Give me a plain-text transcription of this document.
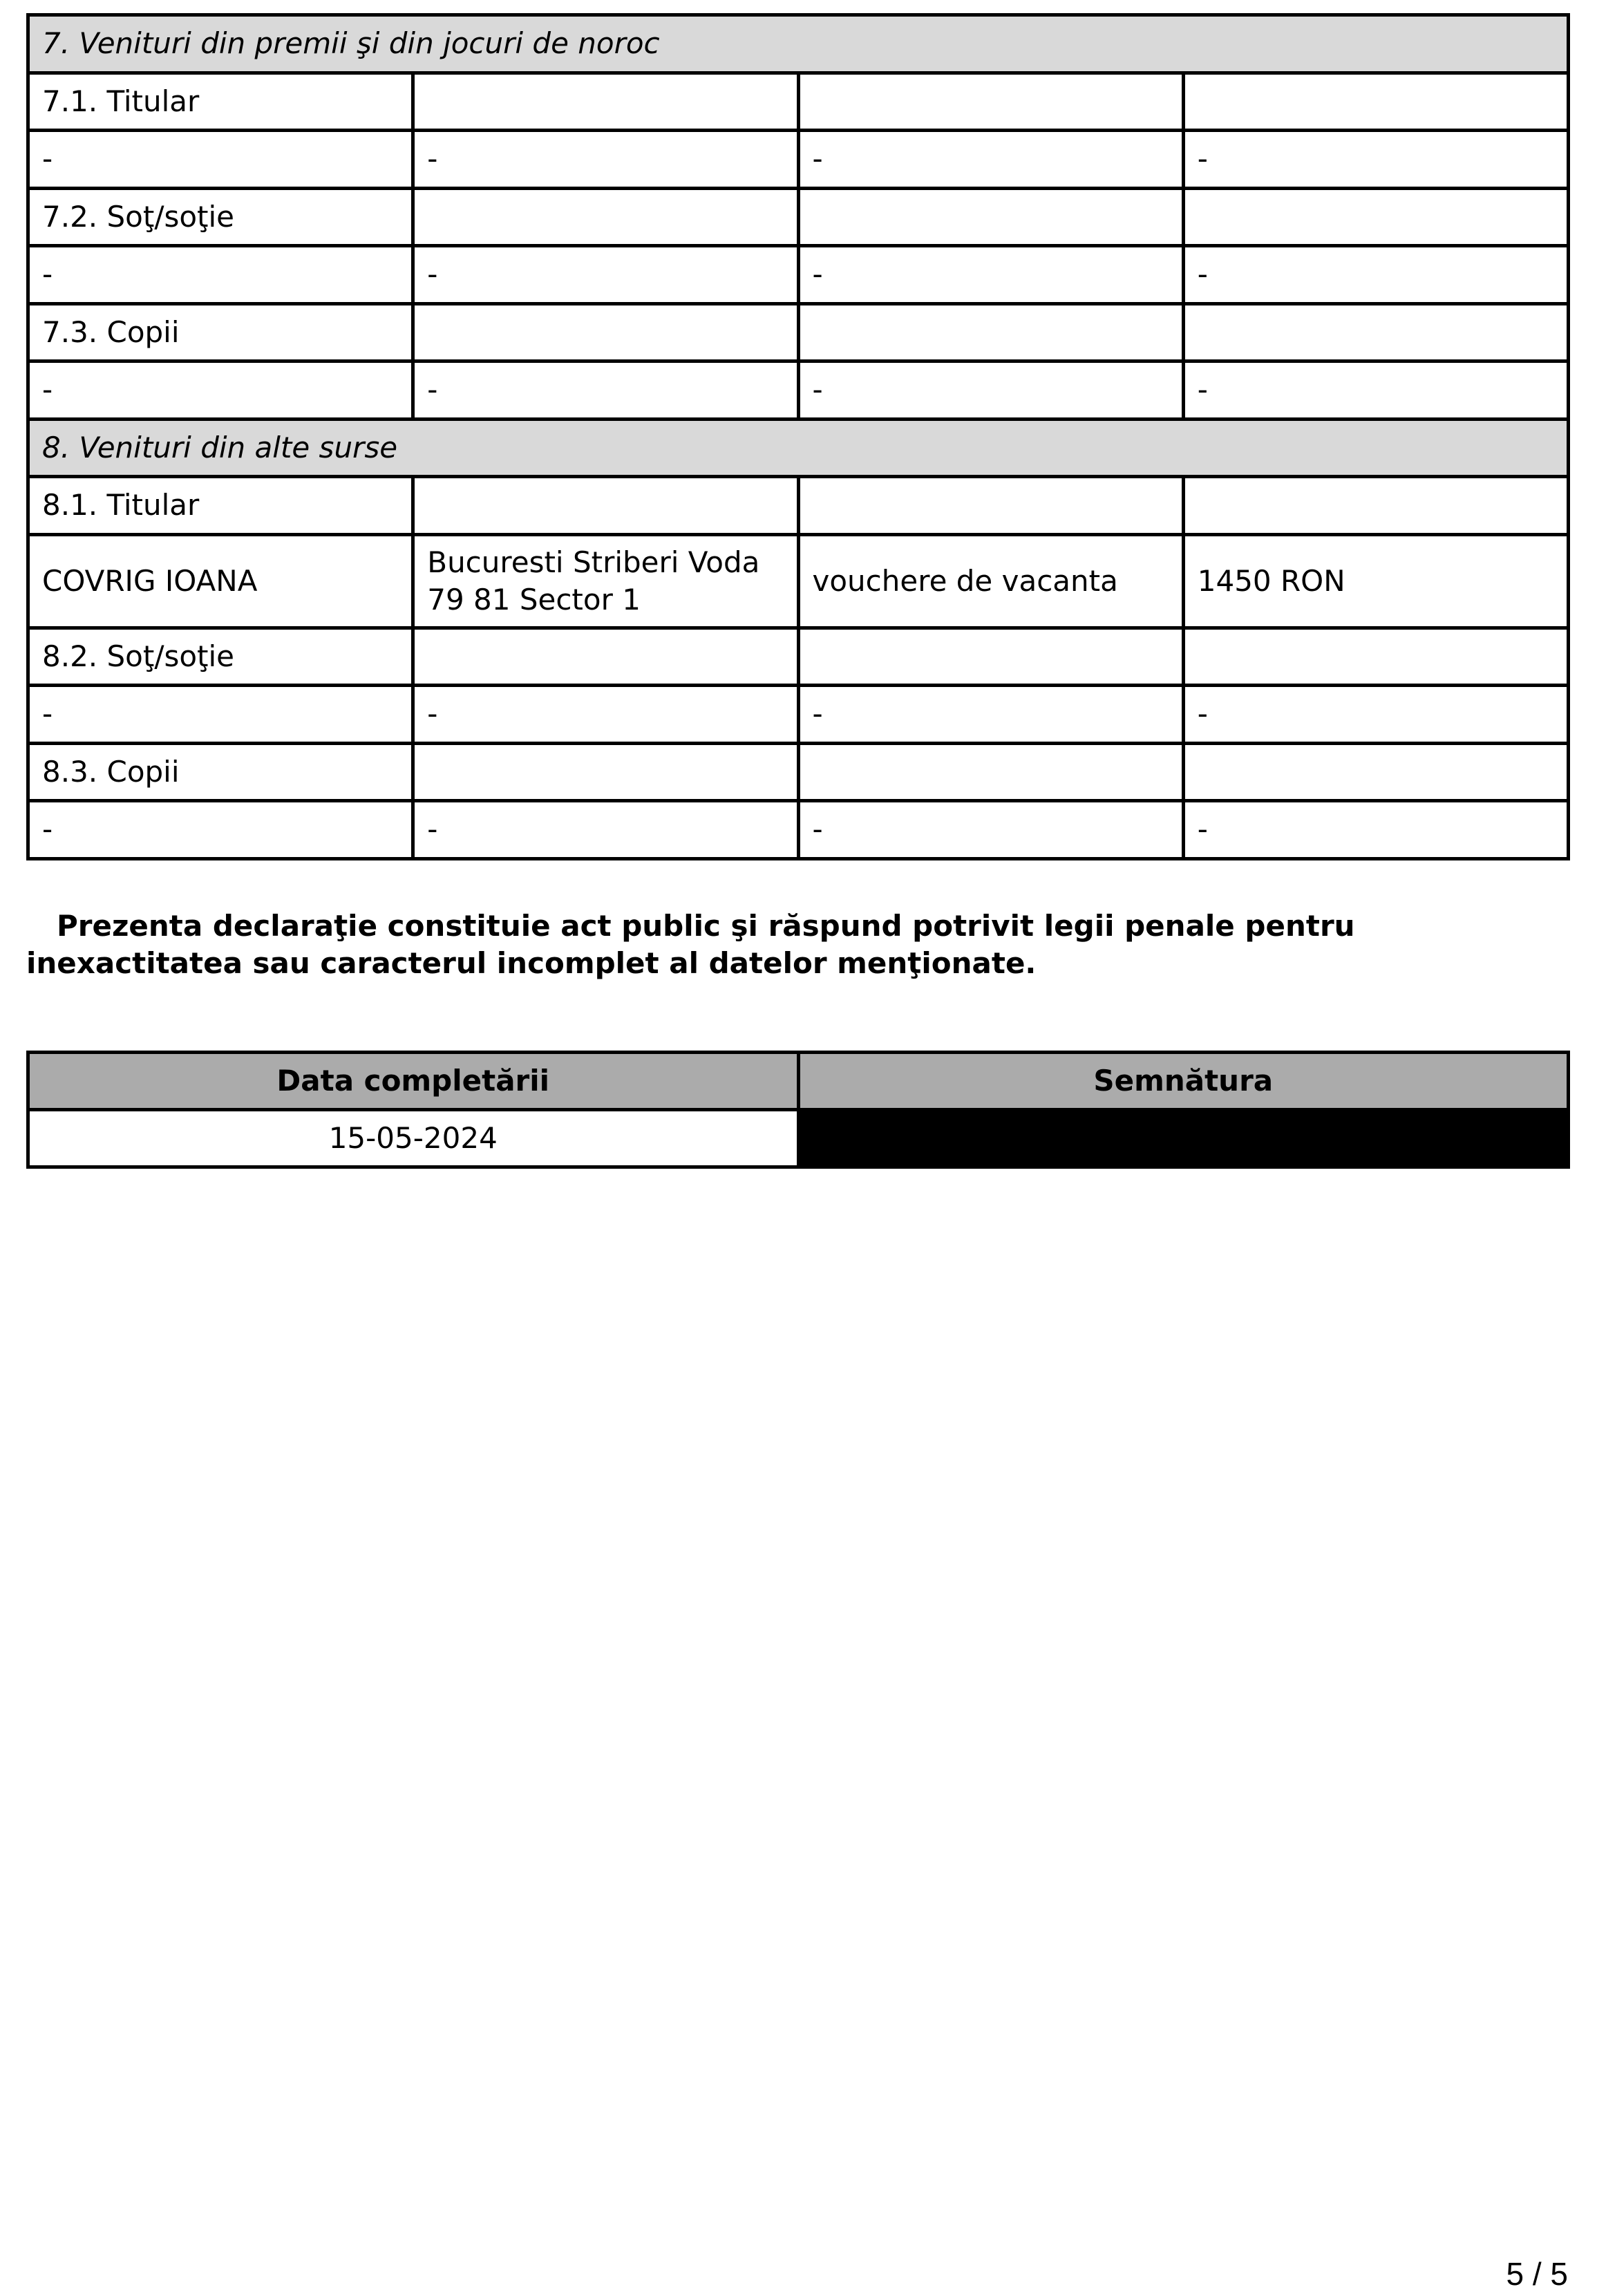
7. Venituri din premii şi din jocuri de noroc			
7.1. Titular			
-	-	-	-
7.2. Soţ/soţie			
-	-	-	-
7.3. Copii			
-	-	-	-
8. Venituri din alte surse			
8.1. Titular			
COVRIG IOANA	Bucuresti Striberi Voda 79 81 Sector 1	vouchere de vacanta	1450 RON
8.2. Soţ/soţie			
-	-	-	-
8.3. Copii			
-	-	-	-

Prezenta declaraţie constituie act public şi răspund potrivit legii penale pentru inexactitatea sau caracterul incomplet al datelor menţionate.

Data completării	Semnătura
15-05-2024	
5 / 5
